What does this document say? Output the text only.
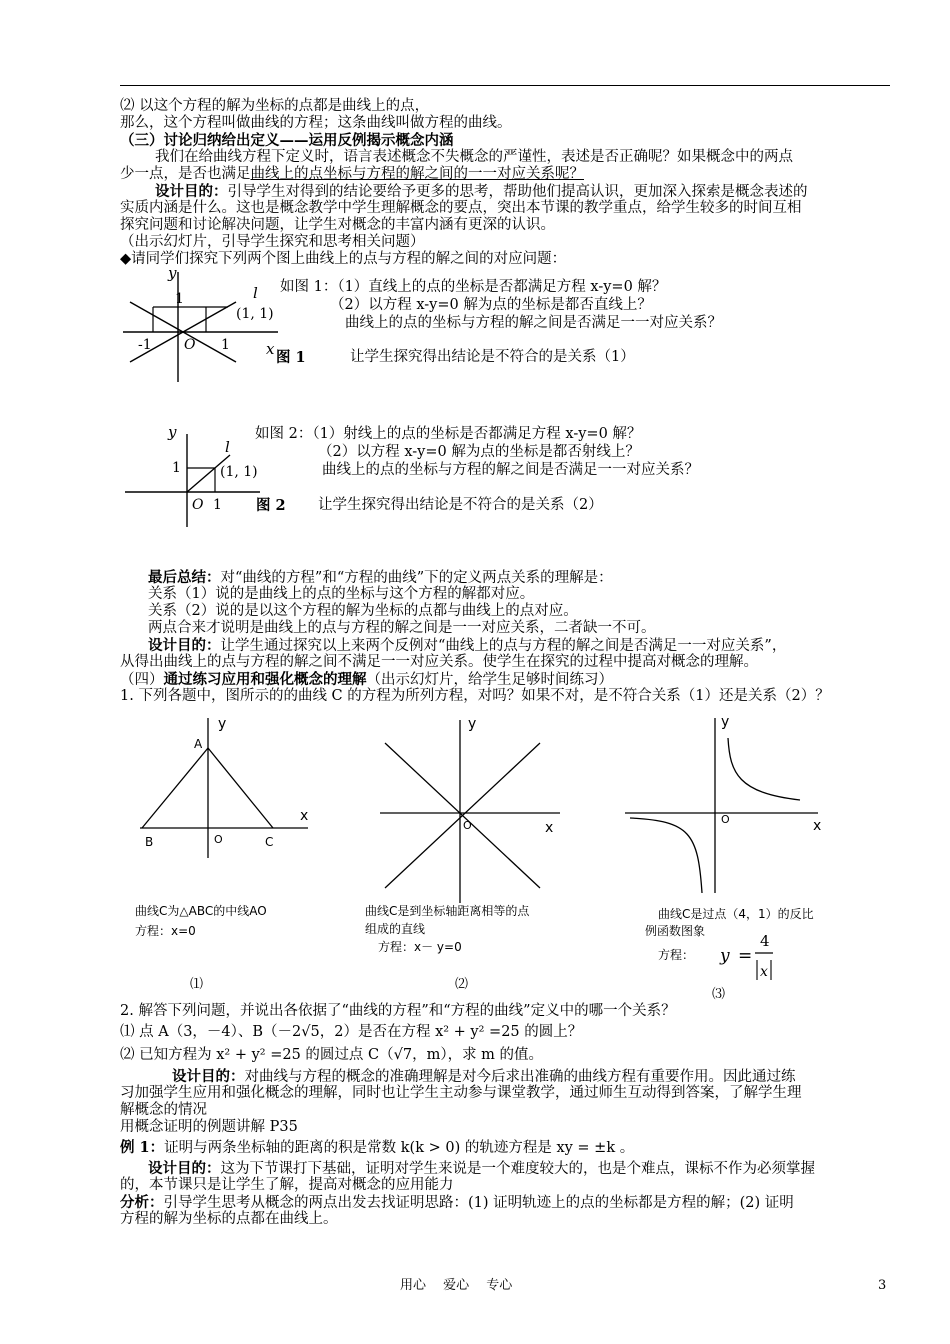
⑵ 以这个方程的解为坐标的点都是曲线上的点，
那么，这个方程叫做曲线的方程；这条曲线叫做方程的曲线。
（三）讨论归纳给出定义——运用反例揭示概念内涵
我们在给曲线方程下定义时，语言表述概念不失概念的严谨性，表述是否正确呢？如果概念中的两点
少一点，是否也满足曲线上的点坐标与方程的解之间的一一对应关系呢？
设计目的：引导学生对得到的结论要给予更多的思考，帮助他们提高认识，更加深入探索是概念表述的
实质内涵是什么。这也是概念教学中学生理解概念的要点，突出本节课的教学重点，给学生较多的时间互相
探究问题和讨论解决问题，让学生对概念的丰富内涵有更深的认识。
（出示幻灯片，引导学生探究和思考相关问题）
◆请同学们探究下列两个图上曲线上的点与方程的解之间的对应问题：
y
x
l
1
(1, 1)
-1 O 1
如图 1：（1）直线上的点的坐标是否都满足方程 x-y=0 解？
（2）以方程 x-y=0 解为点的坐标是都否直线上？
曲线上的点的坐标与方程的解之间是否满足一一对应关系？
图 1	让学生探究得出结论是不符合的是关系（1）
y
l
1	(1, 1)
O 1
如图 2：（1）射线上的点的坐标是否都满足方程 x-y=0 解？
（2）以方程 x-y=0 解为点的坐标是都否射线上？
曲线上的点的坐标与方程的解之间是否满足一一对应关系？
图 2 让学生探究得出结论是不符合的是关系（2）
最后总结：对“曲线的方程”和“方程的曲线”下的定义两点关系的理解是：
关系（1）说的是曲线上的点的坐标与这个方程的解都对应。
关系（2）说的是以这个方程的解为坐标的点都与曲线上的点对应。
两点合来才说明是曲线上的点与方程的解之间是一一对应关系，二者缺一不可。
设计目的：让学生通过探究以上来两个反例对“曲线上的点与方程的解之间是否满足一一对应关系”，
从得出曲线上的点与方程的解之间不满足一一对应关系。使学生在探究的过程中提高对概念的理解。
（四）通过练习应用和强化概念的理解（出示幻灯片，给学生足够时间练习）
1. 下列各题中，图所示的的曲线 C 的方程为所列方程，对吗？如果不对，是不符合关系（1）还是关系（2）？
y
x
A
B	C
O
曲线C为△ABC的中线AO
方程：x=0
⑴
y
x
O
曲线C是到坐标轴距离相等的点
组成的直线
方程：x－ y=0
⑵
y
x
O
曲线C是过点（4，1）的反比
例函数图象
方程： y =
4
x
⑶
2. 解答下列问题，并说出各依据了“曲线的方程”和“方程的曲线”定义中的哪一个关系？
⑴ 点 A（3，－4）、B（－2√5，2）是否在方程 x² + y² =25 的圆上？
⑵ 已知方程为 x² + y² =25 的圆过点 C（√7，m），求 m 的值。
设计目的：对曲线与方程的概念的准确理解是对今后求出准确的曲线方程有重要作用。因此通过练
习加强学生应用和强化概念的理解，同时也让学生主动参与课堂教学，通过师生互动得到答案，了解学生理
解概念的情况
用概念证明的例题讲解 P35
例 1：证明与两条坐标轴的距离的积是常数 k(k > 0) 的轨迹方程是 xy = ±k 。
设计目的：这为下节课打下基础，证明对学生来说是一个难度较大的，也是个难点，课标不作为必须掌握
的，本节课只是让学生了解，提高对概念的应用能力
分析：引导学生思考从概念的两点出发去找证明思路：(1) 证明轨迹上的点的坐标都是方程的解；(2) 证明
方程的解为坐标的点都在曲线上。
用心　 爱心　 专心	3
